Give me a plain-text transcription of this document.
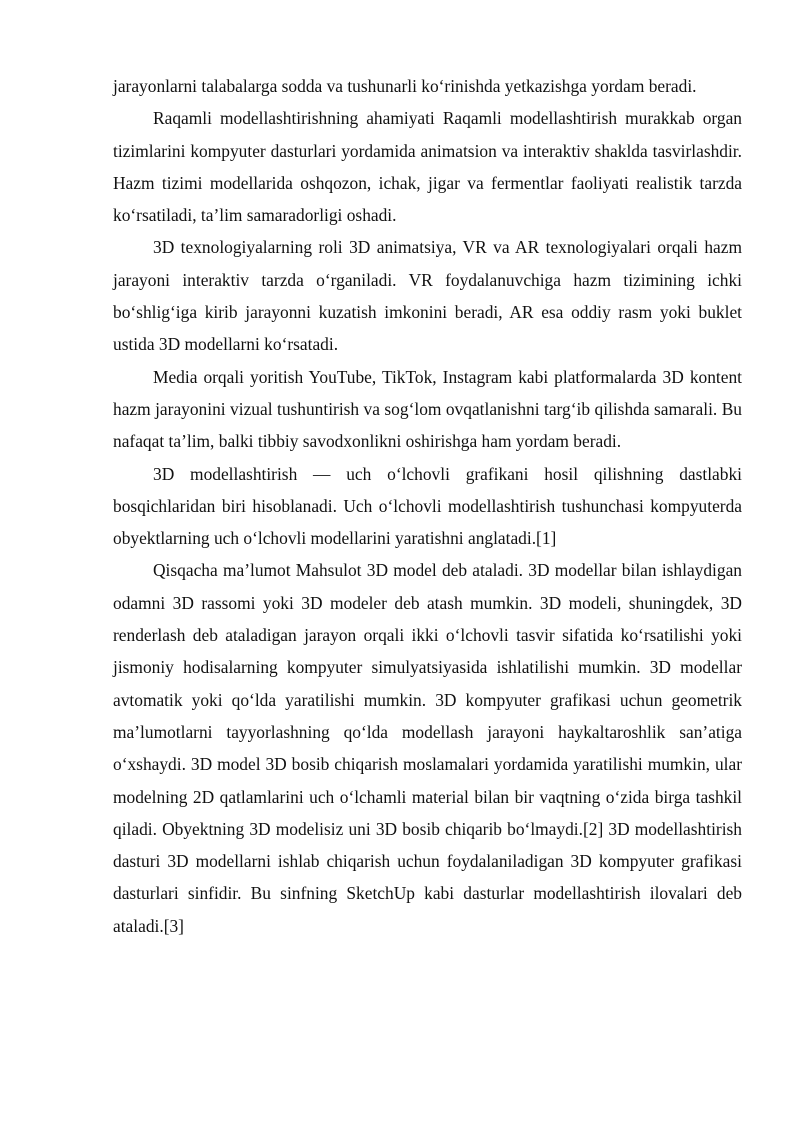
jarayonlarni talabalarga sodda va tushunarli ko‘rinishda yetkazishga yordam beradi.

Raqamli modellashtirishning ahamiyati Raqamli modellashtirish murakkab organ tizimlarini kompyuter dasturlari yordamida animatsion va interaktiv shaklda tasvirlashdir. Hazm tizimi modellarida oshqozon, ichak, jigar va fermentlar faoliyati realistik tarzda ko‘rsatiladi, ta’lim samaradorligi oshadi.

3D texnologiyalarning roli 3D animatsiya, VR va AR texnologiyalari orqali hazm jarayoni interaktiv tarzda o‘rganiladi. VR foydalanuvchiga hazm tizimining ichki bo‘shlig‘iga kirib jarayonni kuzatish imkonini beradi, AR esa oddiy rasm yoki buklet ustida 3D modellarni ko‘rsatadi.

Media orqali yoritish YouTube, TikTok, Instagram kabi platformalarda 3D kontent hazm jarayonini vizual tushuntirish va sog‘lom ovqatlanishni targ‘ib qilishda samarali. Bu nafaqat ta’lim, balki tibbiy savodxonlikni oshirishga ham yordam beradi.

3D modellashtirish — uch o‘lchovli grafikani hosil qilishning dastlabki bosqichlaridan biri hisoblanadi. Uch o‘lchovli modellashtirish tushunchasi kompyuterda obyektlarning uch o‘lchovli modellarini yaratishni anglatadi.[1]

Qisqacha ma’lumot Mahsulot 3D model deb ataladi. 3D modellar bilan ishlaydigan odamni 3D rassomi yoki 3D modeler deb atash mumkin. 3D modeli, shuningdek, 3D renderlash deb ataladigan jarayon orqali ikki o‘lchovli tasvir sifatida ko‘rsatilishi yoki jismoniy hodisalarning kompyuter simulyatsiyasida ishlatilishi mumkin. 3D modellar avtomatik yoki qo‘lda yaratilishi mumkin. 3D kompyuter grafikasi uchun geometrik ma’lumotlarni tayyorlashning qo‘lda modellash jarayoni haykaltaroshlik san’atiga o‘xshaydi. 3D model 3D bosib chiqarish moslamalari yordamida yaratilishi mumkin, ular modelning 2D qatlamlarini uch o‘lchamli material bilan bir vaqtning o‘zida birga tashkil qiladi. Obyektning 3D modelisiz uni 3D bosib chiqarib bo‘lmaydi.[2] 3D modellashtirish dasturi 3D modellarni ishlab chiqarish uchun foydalaniladigan 3D kompyuter grafikasi dasturlari sinfidir. Bu sinfning SketchUp kabi dasturlar modellashtirish ilovalari deb ataladi.[3]
